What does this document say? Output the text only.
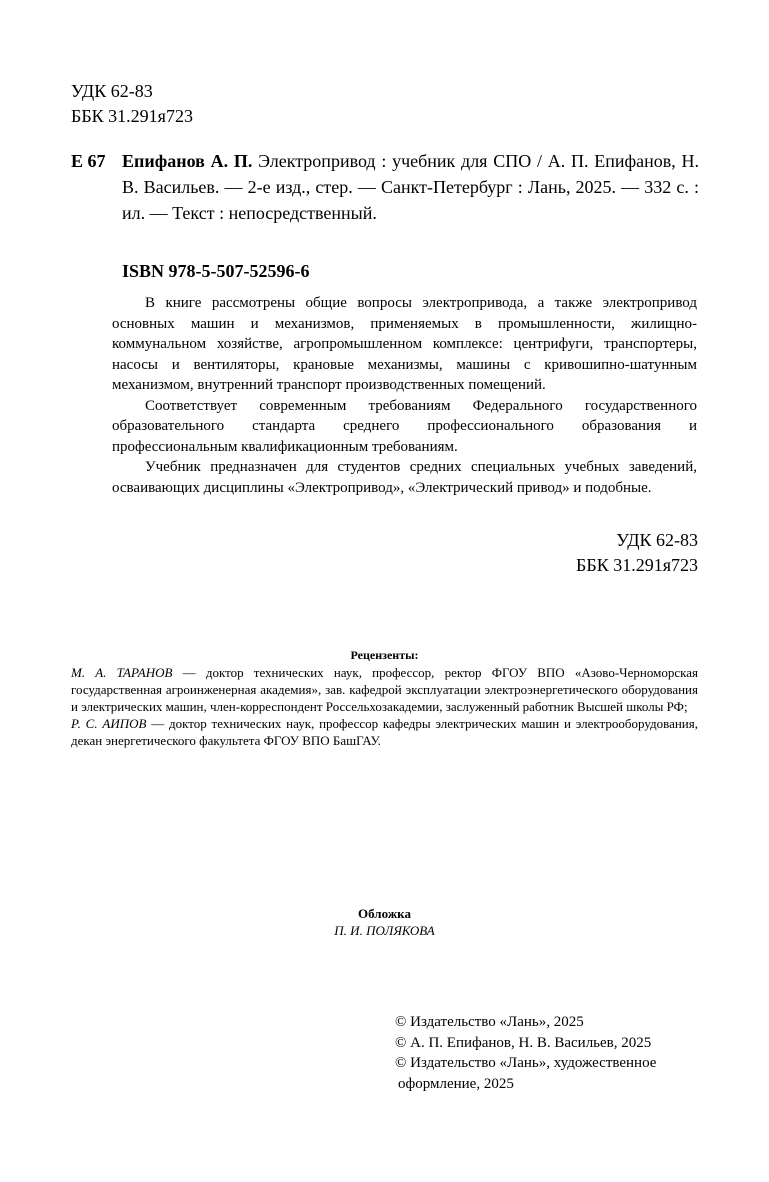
УДК 62-83
ББК 31.291я723
Е 67 Епифанов А. П. Электропривод : учебник для СПО / А. П. Епифанов, Н. В. Васильев. — 2-е изд., стер. — Санкт-Петербург : Лань, 2025. — 332 с. : ил. — Текст : непосредственный.
ISBN 978-5-507-52596-6

В книге рассмотрены общие вопросы электропривода, а также электропривод основных машин и механизмов, применяемых в промышленности, жилищно-коммунальном хозяйстве, агропромышленном комплексе: центрифуги, транспортеры, насосы и вентиляторы, крановые механизмы, машины с кривошипно-шатунным механизмом, внутренний транспорт производственных помещений.

Соответствует современным требованиям Федерального государственного образовательного стандарта среднего профессионального образования и профессиональным квалификационным требованиям.

Учебник предназначен для студентов средних специальных учебных заведений, осваивающих дисциплины «Электропривод», «Электрический привод» и подобные.

УДК 62-83
ББК 31.291я723
Рецензенты:

М. А. ТАРАНОВ — доктор технических наук, профессор, ректор ФГОУ ВПО «Азово-Черноморская государственная агроинженерная академия», зав. кафедрой эксплуатации электроэнергетического оборудования и электрических машин, член-корреспондент Россельхозакадемии, заслуженный работник Высшей школы РФ;

Р. С. АИПОВ — доктор технических наук, профессор кафедры электрических машин и электрооборудования, декан энергетического факультета ФГОУ ВПО БашГАУ.

Обложка
П. И. ПОЛЯКОВА
© Издательство «Лань», 2025
© А. П. Епифанов, Н. В. Васильев, 2025
© Издательство «Лань», художественное
оформление, 2025
